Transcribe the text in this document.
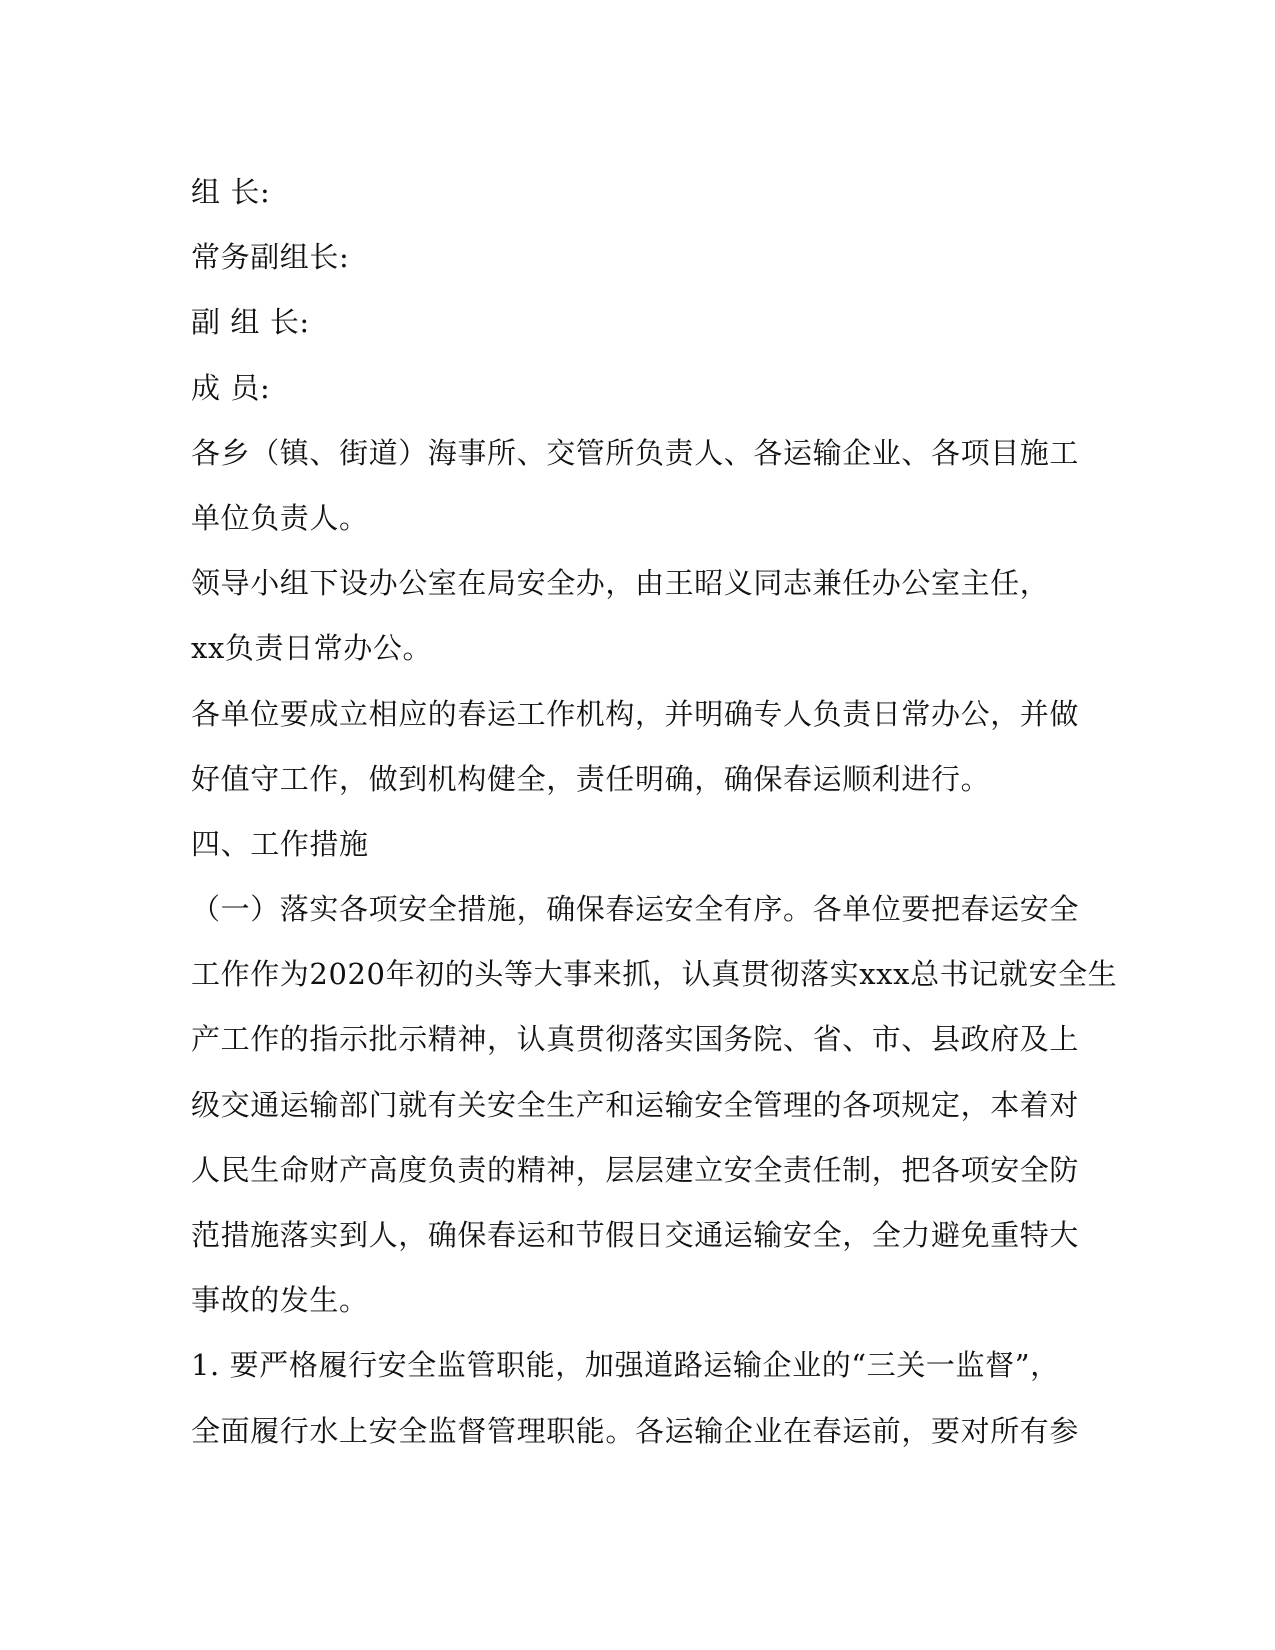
组 长:
常务副组长:
副 组 长:
成 员:
各乡（镇、街道）海事所、交管所负责人、各运输企业、各项目施工
单位负责人。
领导小组下设办公室在局安全办，由王昭义同志兼任办公室主任，
xx负责日常办公。
各单位要成立相应的春运工作机构，并明确专人负责日常办公，并做
好值守工作，做到机构健全，责任明确，确保春运顺利进行。
四、工作措施
（一）落实各项安全措施，确保春运安全有序。各单位要把春运安全
工作作为2020年初的头等大事来抓，认真贯彻落实xxx总书记就安全生
产工作的指示批示精神，认真贯彻落实国务院、省、市、县政府及上
级交通运输部门就有关安全生产和运输安全管理的各项规定，本着对
人民生命财产高度负责的精神，层层建立安全责任制，把各项安全防
范措施落实到人，确保春运和节假日交通运输安全，全力避免重特大
事故的发生。
1. 要严格履行安全监管职能，加强道路运输企业的“三关一监督”，
全面履行水上安全监督管理职能。各运输企业在春运前，要对所有参
